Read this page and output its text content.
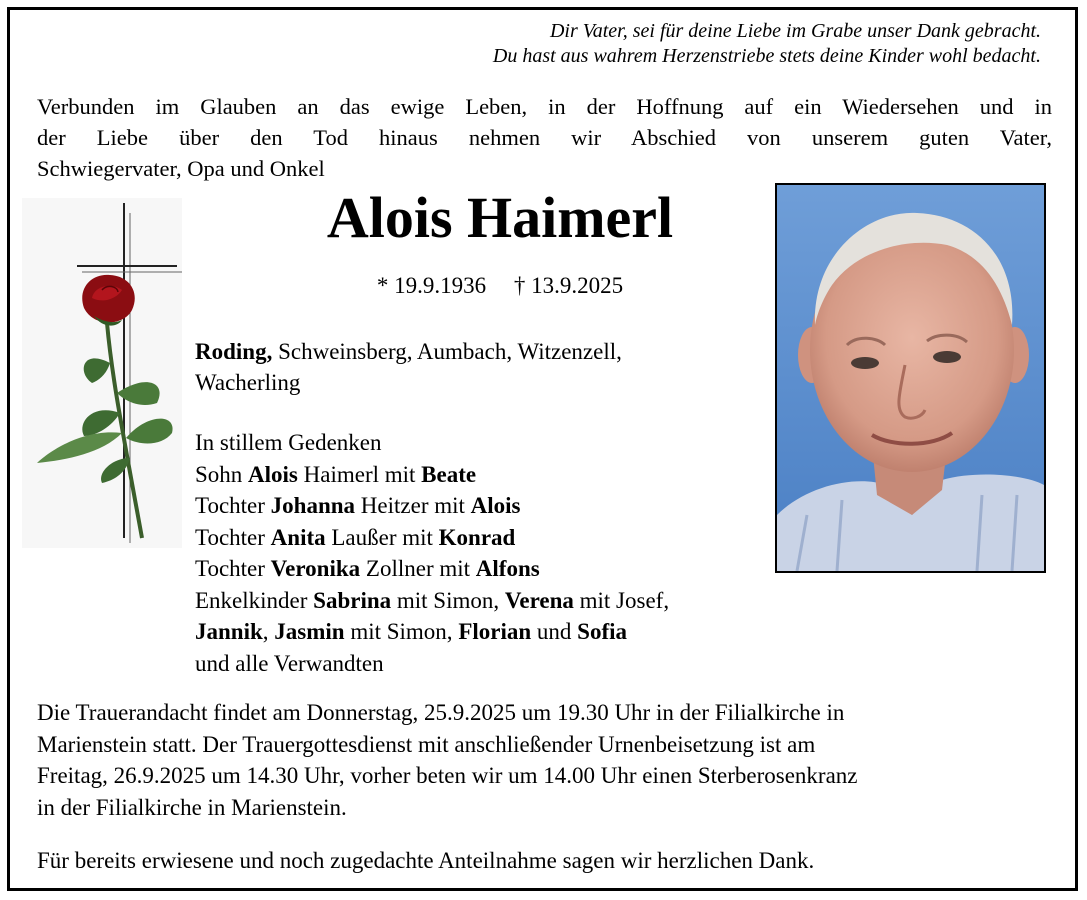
Dir Vater, sei für deine Liebe im Grabe unser Dank gebracht.
Du hast aus wahrem Herzenstriebe stets deine Kinder wohl bedacht.
Verbunden im Glauben an das ewige Leben, in der Hoffnung auf ein Wiedersehen und in
der Liebe über den Tod hinaus nehmen wir Abschied von unserem guten Vater,
Schwiegervater, Opa und Onkel
Alois Haimerl
* 19.9.1936 † 13.9.2025
Roding, Schweinsberg, Aumbach, Witzenzell,
Wacherling
In stillem Gedenken
Sohn Alois Haimerl mit Beate
Tochter Johanna Heitzer mit Alois
Tochter Anita Laußer mit Konrad
Tochter Veronika Zollner mit Alfons
Enkelkinder Sabrina mit Simon, Verena mit Josef,
Jannik, Jasmin mit Simon, Florian und Sofia
und alle Verwandten
Die Trauerandacht findet am Donnerstag, 25.9.2025 um 19.30 Uhr in der Filialkirche in
Marienstein statt. Der Trauergottesdienst mit anschließender Urnenbeisetzung ist am
Freitag, 26.9.2025 um 14.30 Uhr, vorher beten wir um 14.00 Uhr einen Sterberosenkranz
in der Filialkirche in Marienstein.
Für bereits erwiesene und noch zugedachte Anteilnahme sagen wir herzlichen Dank.
